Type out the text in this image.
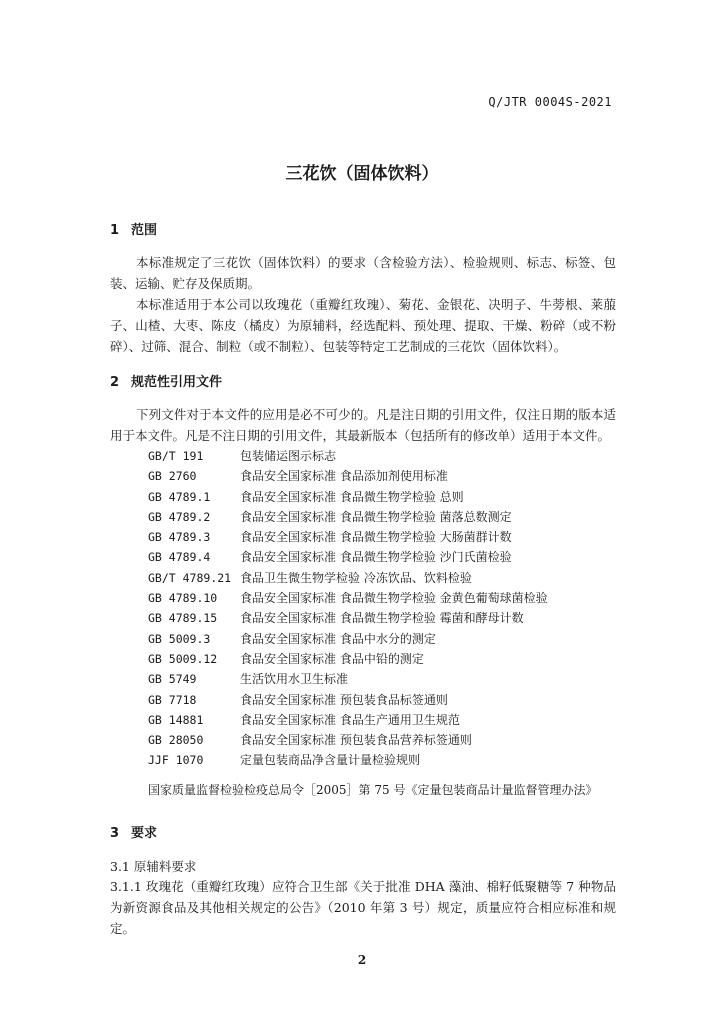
Q/JTR 0004S-2021
三花饮（固体饮料）
1 范围

本标准规定了三花饮（固体饮料）的要求（含检验方法）、检验规则、标志、标签、包装、运输、贮存及保质期。

本标准适用于本公司以玫瑰花（重瓣红玫瑰）、菊花、金银花、决明子、牛蒡根、莱菔子、山楂、大枣、陈皮（橘皮）为原辅料，经选配料、预处理、提取、干燥、粉碎（或不粉碎）、过筛、混合、制粒（或不制粒）、包装等特定工艺制成的三花饮（固体饮料）。

2 规范性引用文件

下列文件对于本文件的应用是必不可少的。凡是注日期的引用文件，仅注日期的版本适用于本文件。凡是不注日期的引用文件，其最新版本（包括所有的修改单）适用于本文件。

GB/T 191	包装储运图示标志
GB 2760	食品安全国家标准 食品添加剂使用标准
GB 4789.1 食品安全国家标准 食品微生物学检验 总则
GB 4789.2 食品安全国家标准 食品微生物学检验 菌落总数测定
GB 4789.3 食品安全国家标准 食品微生物学检验 大肠菌群计数
GB 4789.4 食品安全国家标准 食品微生物学检验 沙门氏菌检验
GB/T 4789.21 食品卫生微生物学检验 冷冻饮品、饮料检验
GB 4789.10 食品安全国家标准 食品微生物学检验 金黄色葡萄球菌检验
GB 4789.15 食品安全国家标准 食品微生物学检验 霉菌和酵母计数
GB 5009.3 食品安全国家标准 食品中水分的测定
GB 5009.12 食品安全国家标准 食品中铅的测定
GB 5749	生活饮用水卫生标准
GB 7718	食品安全国家标准 预包装食品标签通则
GB 14881	食品安全国家标准 食品生产通用卫生规范
GB 28050	食品安全国家标准 预包装食品营养标签通则
JJF 1070	定量包装商品净含量计量检验规则
国家质量监督检验检疫总局令［2005］第 75 号《定量包装商品计量监督管理办法》
3 要求
3.1 原辅料要求

3.1.1 玫瑰花（重瓣红玫瑰）应符合卫生部《关于批准 DHA 藻油、棉籽低聚糖等 7 种物品为新资源食品及其他相关规定的公告》（2010 年第 3 号）规定，质量应符合相应标准和规定。

2
